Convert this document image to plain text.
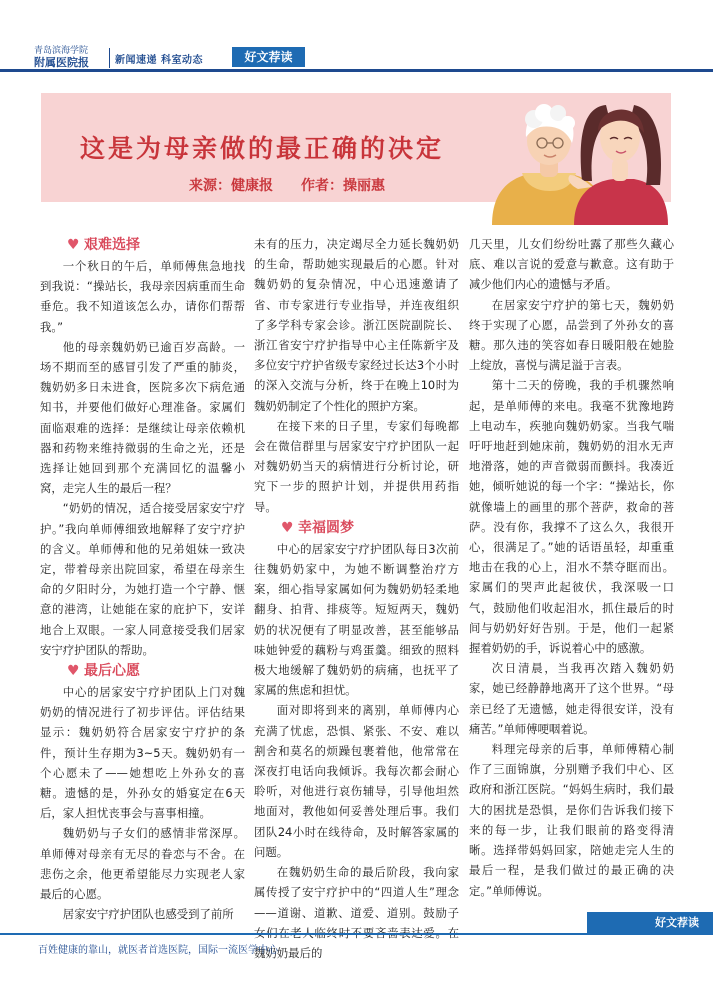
青岛滨海学院
附属医院报	新闻速递 科室动态	好文荐读
这是为母亲做的最正确的决定
来源：健康报 作者：操丽惠
♥ 艰难选择

一个秋日的午后，单师傅焦急地找到我说：“操站长，我母亲因病重而生命垂危。我不知道该怎么办，请你们帮帮我。”

他的母亲魏奶奶已逾百岁高龄。一场不期而至的感冒引发了严重的肺炎，魏奶奶多日未进食，医院多次下病危通知书，并要他们做好心理准备。家属们面临艰难的选择：是继续让母亲依赖机器和药物来维持微弱的生命之光，还是选择让她回到那个充满回忆的温馨小窝，走完人生的最后一程？

“奶奶的情况，适合接受居家安宁疗护。”我向单师傅细致地解释了安宁疗护的含义。单师傅和他的兄弟姐妹一致决定，带着母亲出院回家，希望在母亲生命的夕阳时分，为她打造一个宁静、惬意的港湾，让她能在家的庇护下，安详地合上双眼。一家人同意接受我们居家安宁疗护团队的帮助。

♥ 最后心愿

中心的居家安宁疗护团队上门对魏奶奶的情况进行了初步评估。评估结果显示：魏奶奶符合居家安宁疗护的条件，预计生存期为3~5天。魏奶奶有一个心愿未了——她想吃上外孙女的喜糖。遗憾的是，外孙女的婚宴定在6天后，家人担忧丧事会与喜事相撞。

魏奶奶与子女们的感情非常深厚。单师傅对母亲有无尽的眷恋与不舍。在悲伤之余，他更希望能尽力实现老人家最后的心愿。

居家安宁疗护团队也感受到了前所

未有的压力，决定竭尽全力延长魏奶奶的生命，帮助她实现最后的心愿。针对魏奶奶的复杂情况，中心迅速邀请了省、市专家进行专业指导，并连夜组织了多学科专家会诊。浙江医院副院长、浙江省安宁疗护指导中心主任陈新宇及多位安宁疗护省级专家经过长达3个小时的深入交流与分析，终于在晚上10时为魏奶奶制定了个性化的照护方案。

在接下来的日子里，专家们每晚都会在微信群里与居家安宁疗护团队一起对魏奶奶当天的病情进行分析讨论，研究下一步的照护计划，并提供用药指导。

♥ 幸福圆梦

中心的居家安宁疗护团队每日3次前往魏奶奶家中，为她不断调整治疗方案，细心指导家属如何为魏奶奶轻柔地翻身、拍背、排痰等。短短两天，魏奶奶的状况便有了明显改善，甚至能够品味她钟爱的藕粉与鸡蛋羹。细致的照料极大地缓解了魏奶奶的病痛，也抚平了家属的焦虑和担忧。

面对即将到来的离别，单师傅内心充满了忧虑，恐惧、紧张、不安、难以割舍和莫名的烦躁包裹着他，他常常在深夜打电话向我倾诉。我每次都会耐心聆听，对他进行哀伤辅导，引导他坦然地面对，教他如何妥善处理后事。我们团队24小时在线待命，及时解答家属的问题。

在魏奶奶生命的最后阶段，我向家属传授了安宁疗护中的“四道人生”理念——道谢、道歉、道爱、道别。鼓励子 魏奶奶最后的

几天里，儿女们纷纷吐露了那些久藏心底、难以言说的爱意与歉意。这有助于减少他们内心的遗憾与矛盾。

在居家安宁疗护的第七天，魏奶奶终于实现了心愿，品尝到了外孙女的喜糖。那久违的笑容如春日暖阳般在她脸上绽放，喜悦与满足溢于言表。

第十二天的傍晚，我的手机骤然响起，是单师傅的来电。我毫不犹豫地跨上电动车，疾驰向魏奶奶家。当我气喘吁吁地赶到她床前，魏奶奶的泪水无声地滑落，她的声音微弱而颤抖。我凑近她，倾听她说的每一个字：“操站长，你就像墙上的画里的那个菩萨，救命的菩萨。没有你，我撑不了这么久，我很开心，很满足了。”她的话语虽轻，却重重地击在我的心上，泪水不禁夺眶而出。家属们的哭声此起彼伏，我深吸一口气，鼓励他们收起泪水，抓住最后的时间与奶奶好好告别。于是，他们一起紧握着奶奶的手，诉说着心中的感激。

次日清晨，当我再次踏入魏奶奶家，她已经静静地离开了这个世界。“母亲已经了无遗憾，她走得很安详，没有痛苦。”单师傅哽咽着说。

料理完母亲的后事，单师傅精心制作了三面锦旗，分别赠予我们中心、区政府和浙江医院。“妈妈生病时，我们最大的困扰是恐惧，是你们告诉我们接下来的每一步，让我们眼前的路变得清晰。选择带妈妈回家，陪她走完人生的最后一程，是我们做过的最正确的决定。”单师傅说。

好文荐读
百姓健康的靠山，就医者首选医院，国际一流医学中心
